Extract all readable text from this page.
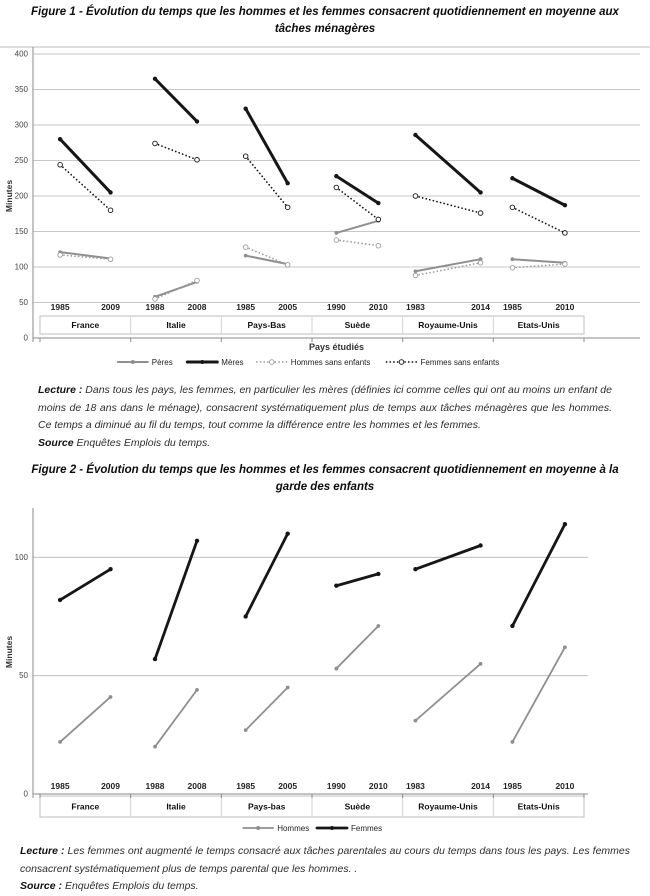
Figure 1 - Évolution du temps que les hommes et les femmes consacrent quotidiennement en moyenne aux tâches ménagères
0
50
100
150
200
250
300
350
400
Minutes
1985	2009	1988	2008	1985	2005	1990	2010 1983	2014 1985	2010
France	Italie	Pays-Bas	Suède	Royaume-Unis	Etats-Unis
Pays étudiés
Pères	Mères	Hommes sans enfants	Femmes sans enfants

Lecture : Dans tous les pays, les femmes, en particulier les mères (définies ici comme celles qui ont au moins un enfant de moins de 18 ans dans le ménage), consacrent systématiquement plus de temps aux tâches ménagères que les hommes. Ce temps a diminué au fil du temps, tout comme la différence entre les hommes et les femmes.

Source Enquêtes Emplois du temps.

Figure 2 - Évolution du temps que les hommes et les femmes consacrent quotidiennement en moyenne à la garde des enfants
0
50
100
Minutes
1985	2009	1988	2008	1985	2005	1990	2010 1983	2014 1985	2010
France	Italie	Pays-bas	Suède	Royaume-Unis	Etats-Unis
Hommes	Femmes

Lecture : Les femmes ont augmenté le temps consacré aux tâches parentales au cours du temps dans tous les pays. Les femmes consacrent systématiquement plus de temps parental que les hommes. .

Source : Enquêtes Emplois du temps.
